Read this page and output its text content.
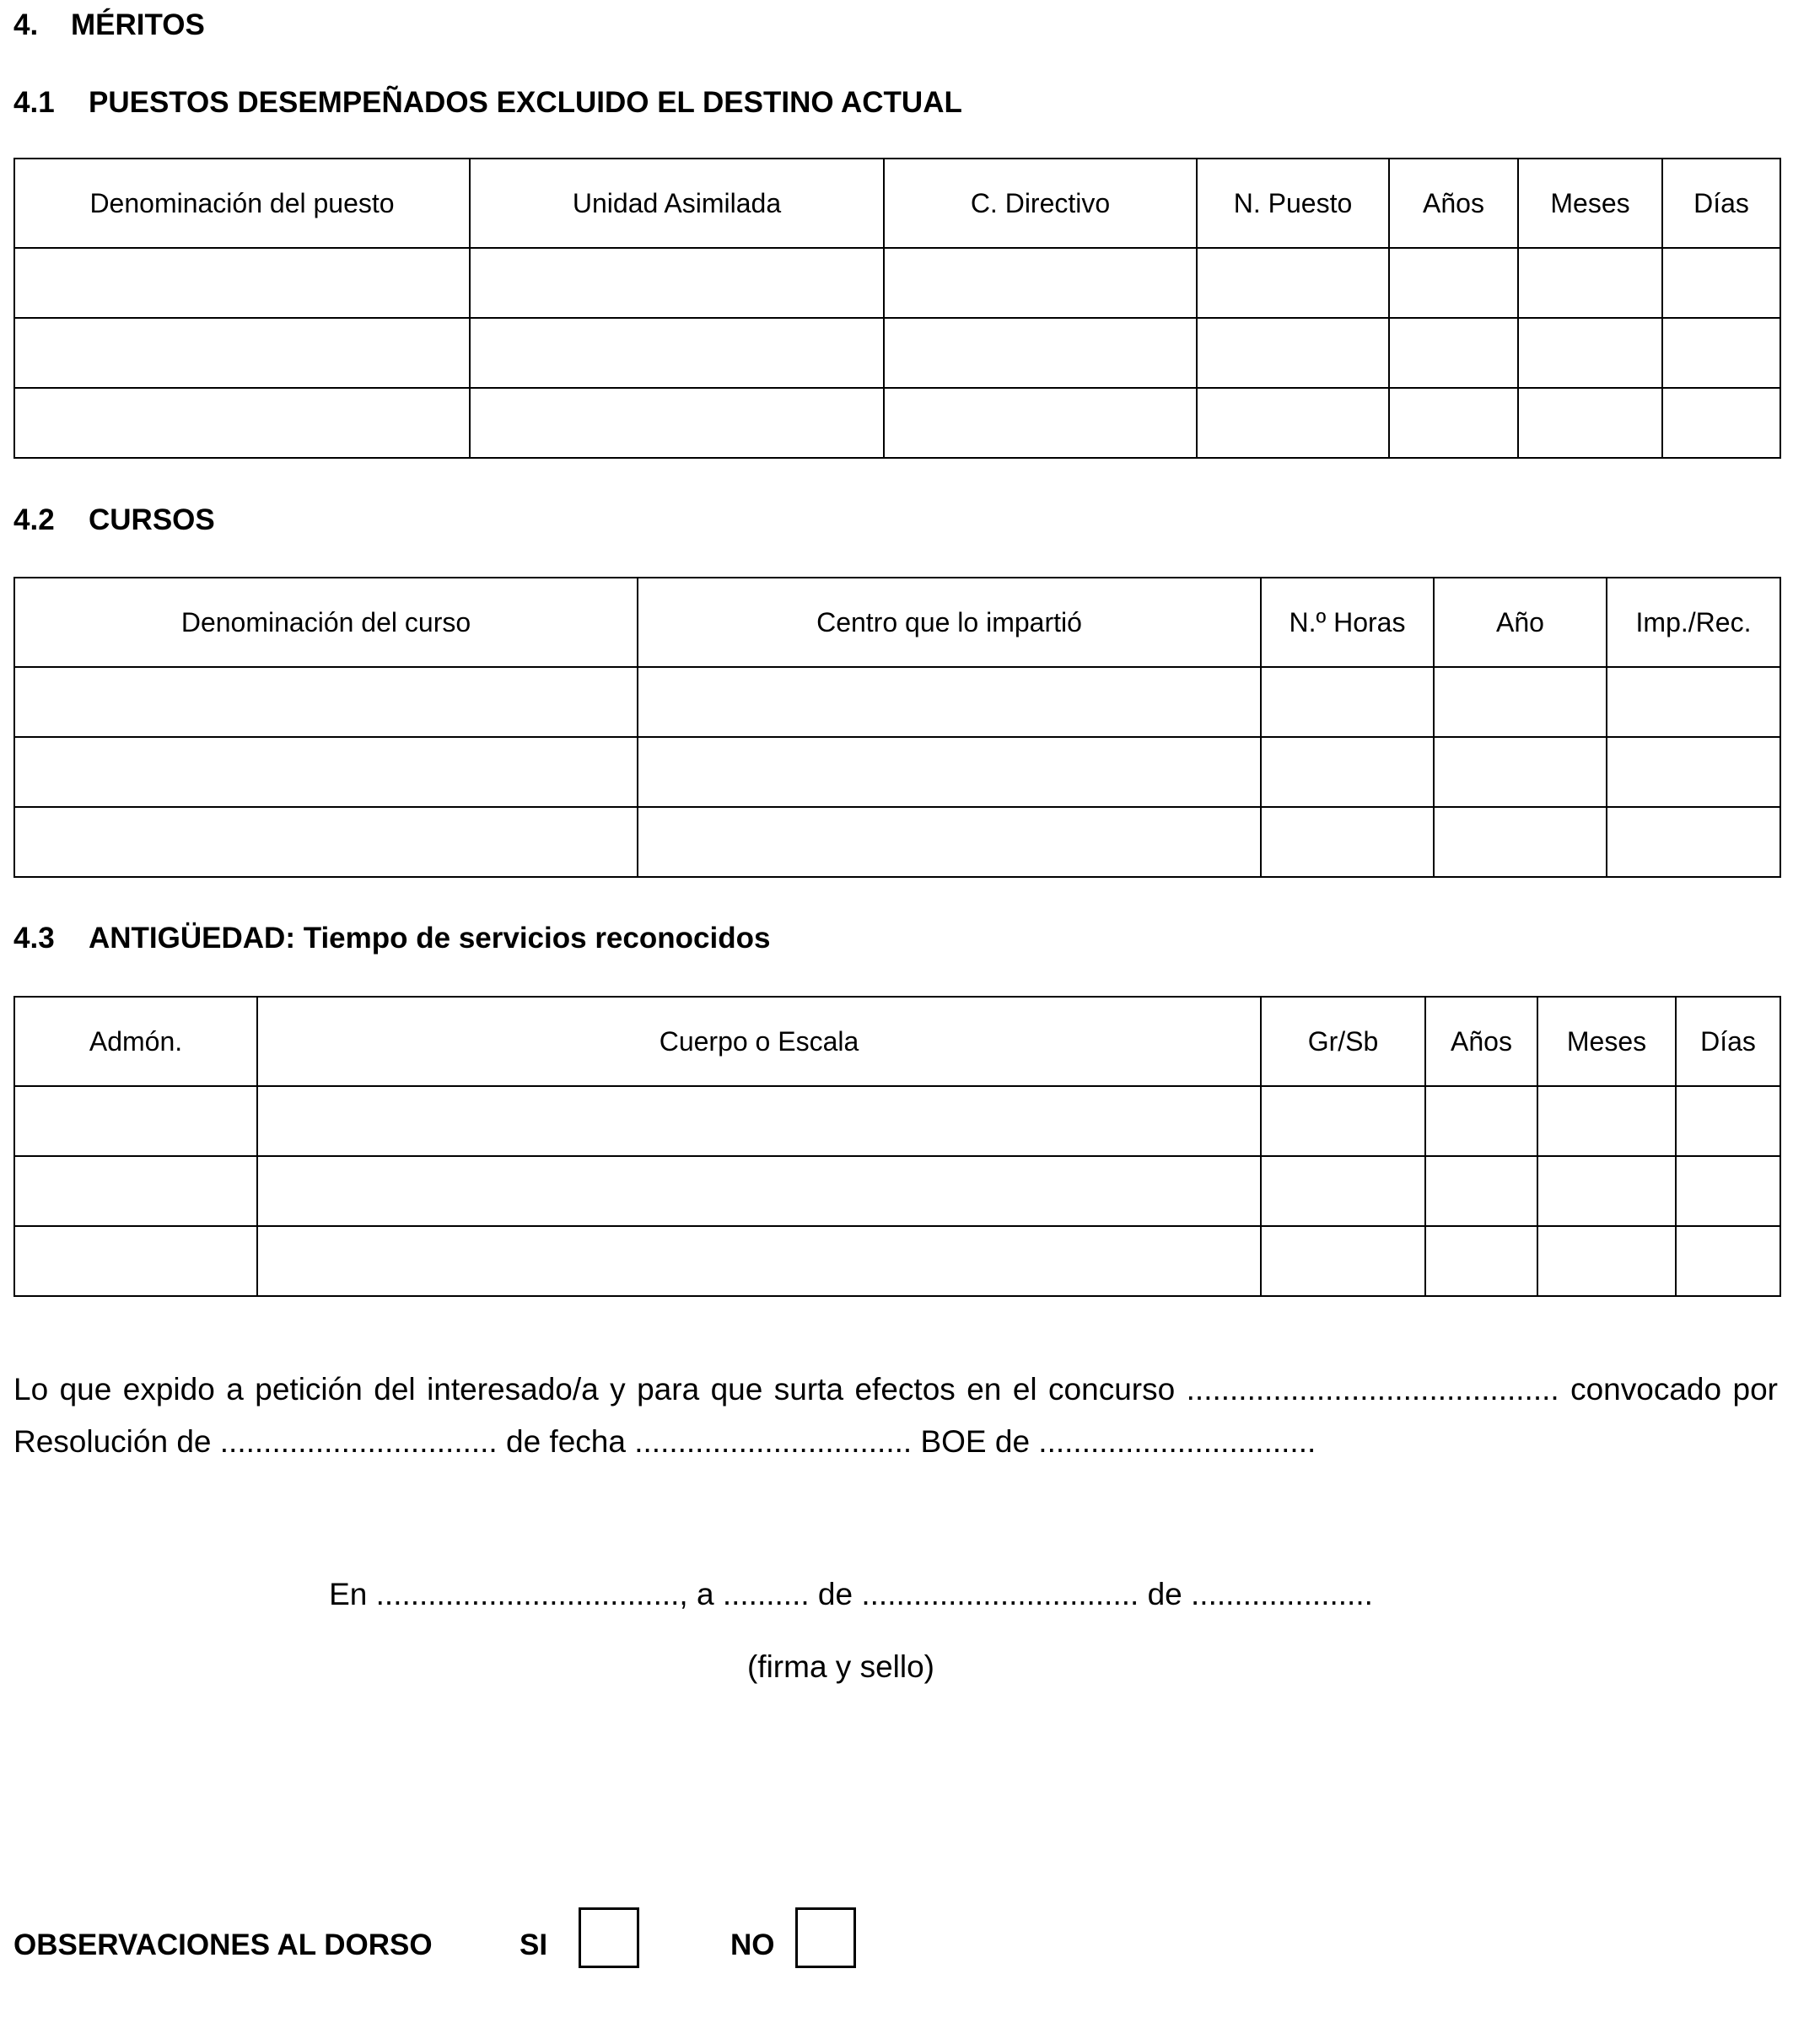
4. MÉRITOS
4.1 PUESTOS DESEMPEÑADOS EXCLUIDO EL DESTINO ACTUAL
Denominación del puesto	Unidad Asimilada	C. Directivo	N. Puesto	Años	Meses	Días

4.2 CURSOS
Denominación del curso	Centro que lo impartió	N.º Horas	Año	Imp./Rec.

4.3 ANTIGÜEDAD: Tiempo de servicios reconocidos
Admón.	Cuerpo o Escala	Gr/Sb	Años	Meses	Días

Lo que expido a petición del interesado/a y para que surta efectos en el concurso ........................................... convocado por Resolución de ................................ de fecha ................................ BOE de ................................
En ..................................., a .......... de ................................ de .....................
(firma y sello)
OBSERVACIONES AL DORSO	SI	NO
